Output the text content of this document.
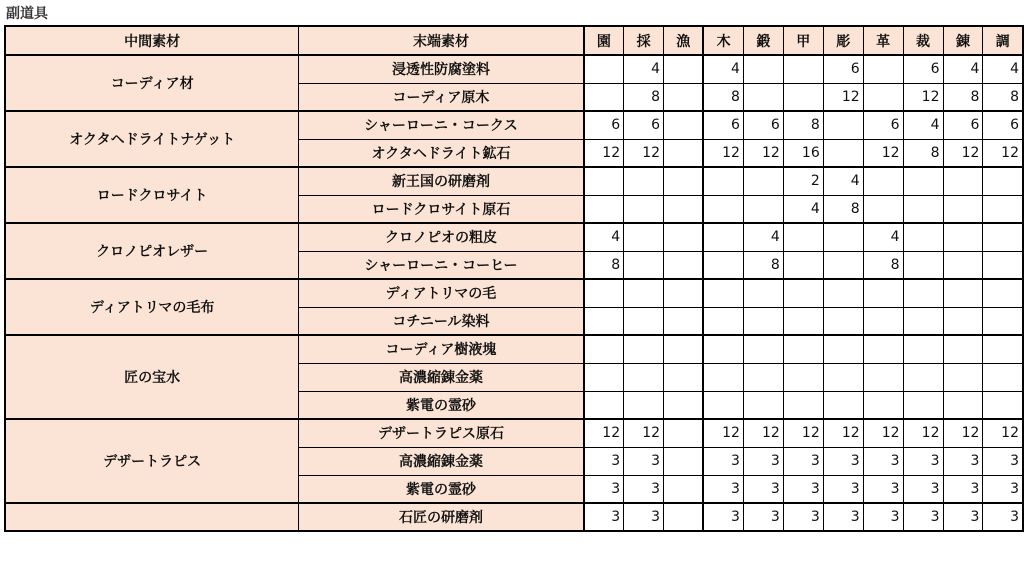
副道具
中間素材	末端素材	園	採	漁	木	鍛	甲	彫	革	裁	錬	調
コーディア材	浸透性防腐塗料		4		4			6		6	4	4
	コーディア原木		8		8			12		12	8	8
オクタヘドライトナゲット	シャーローニ・コークス	6	6		6	6	8		6	4	6	6
	オクタヘドライト鉱石	12	12		12	12	16		12	8	12	12
ロードクロサイト	新王国の研磨剤						2	4				
	ロードクロサイト原石						4	8				
クロノピオレザー	クロノピオの粗皮	4				4			4			
	シャーローニ・コーヒー	8				8			8			
ディアトリマの毛布	ディアトリマの毛											
	コチニール染料											
匠の宝水	コーディア樹液塊											
	高濃縮錬金薬											
	紫電の霊砂											
デザートラピス	デザートラピス原石	12	12		12	12	12	12	12	12	12	12
	高濃縮錬金薬	3	3		3	3	3	3	3	3	3	3
	紫電の霊砂	3	3		3	3	3	3	3	3	3	3
	石匠の研磨剤	3	3		3	3	3	3	3	3	3	3
